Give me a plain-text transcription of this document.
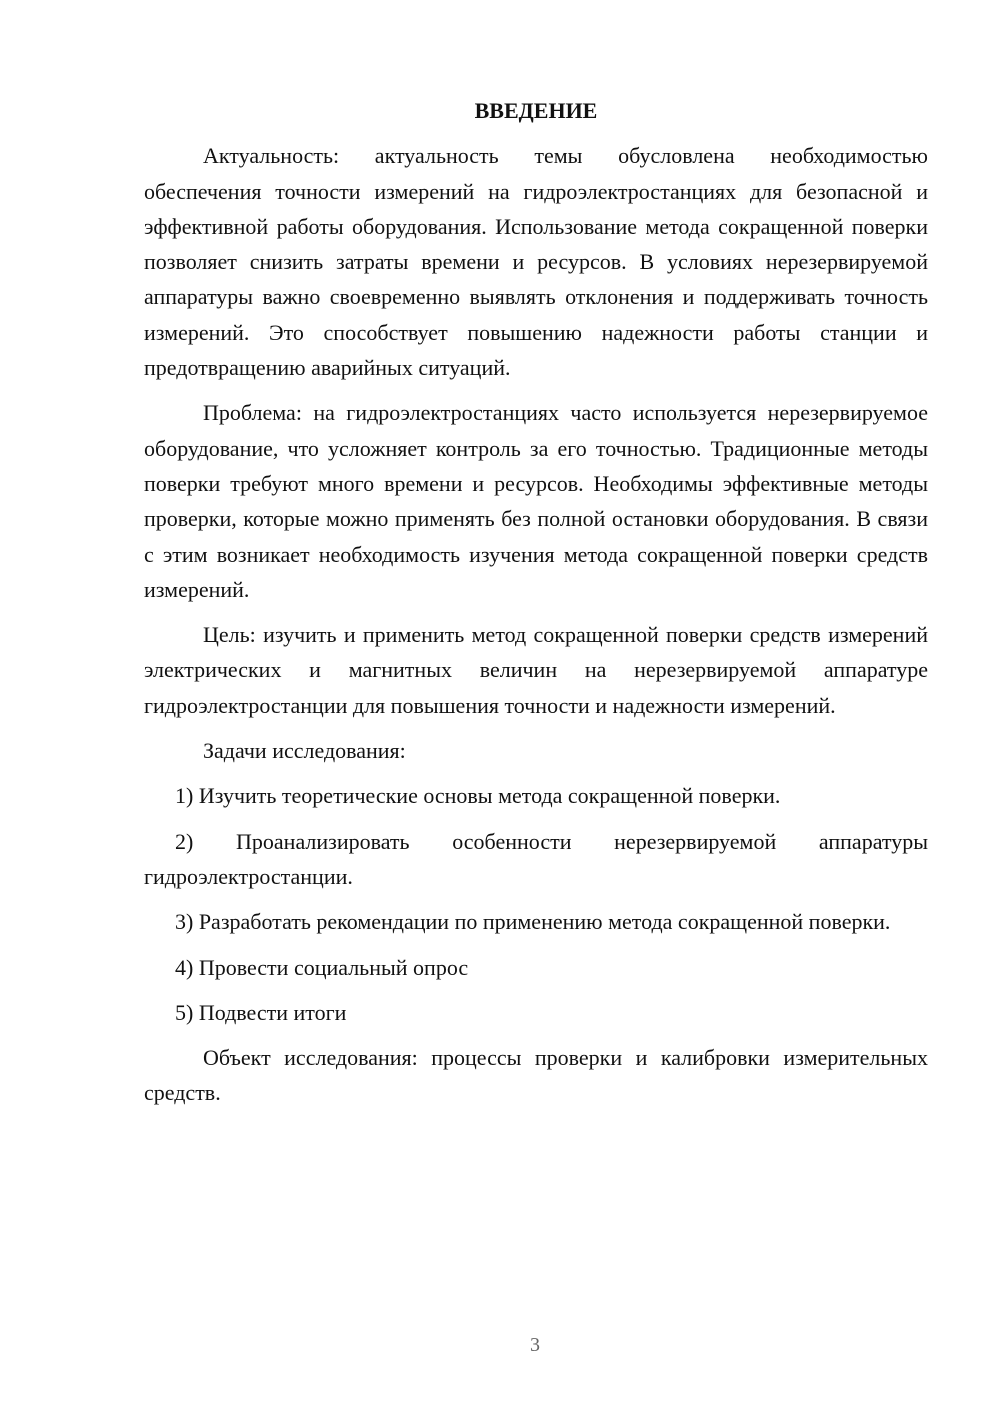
ВВЕДЕНИЕ

Актуальность: актуальность темы обусловлена необходимостью обеспечения точности измерений на гидроэлектростанциях для безопасной и эффективной работы оборудования. Использование метода сокращенной поверки позволяет снизить затраты времени и ресурсов. В условиях нерезервируемой аппаратуры важно своевременно выявлять отклонения и поддерживать точность измерений. Это способствует повышению надежности работы станции и предотвращению аварийных ситуаций.

Проблема: на гидроэлектростанциях часто используется нерезервируемое оборудование, что усложняет контроль за его точностью. Традиционные методы поверки требуют много времени и ресурсов. Необходимы эффективные методы проверки, которые можно применять без полной остановки оборудования. В связи с этим возникает необходимость изучения метода сокращенной поверки средств измерений.

Цель: изучить и применить метод сокращенной поверки средств измерений электрических и магнитных величин на нерезервируемой аппаратуре гидроэлектростанции для повышения точности и надежности измерений.

Задачи исследования:

1) Изучить теоретические основы метода сокращенной поверки.

2) Проанализировать особенности нерезервируемой аппаратуры гидроэлектростанции.

3) Разработать рекомендации по применению метода сокращенной поверки.

4) Провести социальный опрос

5) Подвести итоги

Объект исследования: процессы проверки и калибровки измерительных средств.

3
